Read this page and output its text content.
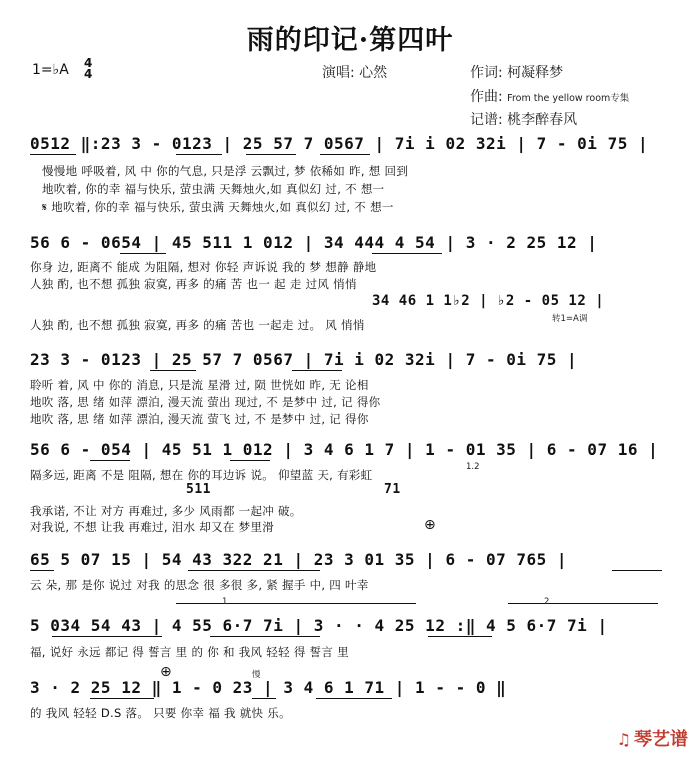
雨的印记·第四叶
1=♭A 4
4	演唱: 心然	作词: 柯凝释梦
作曲: From the yellow room专集
记谱: 桃李醉春风
0512 ‖:23 3 - 0123 | 25 57 7 0567 | 7i i 02 32i | 7 - 0i 75 |
慢慢地 呼吸着, 风 中 你的气息, 只是浮 云飘过, 梦 依稀如 昨, 想 回到
地吹着, 你的幸 福与快乐, 萤虫满 天舞烛火,如 真似幻 过, 不 想一
𝄋 地吹着, 你的幸 福与快乐, 萤虫满 天舞烛火,如 真似幻 过, 不 想一
56 6 - 0654 | 45 511 1 012 | 34 444 4 54 | 3 · 2 25 12 |
你身 边, 距离不 能成 为阻隔, 想对 你轻 声诉说 我的 梦 想静 静地
人独 酌, 也不想 孤独 寂寞, 再多 的痛 苦 也一 起 走 过风 悄悄
34 46 1 1♭2 | ♭2 - 05 12 |
转1=A调
人独 酌, 也不想 孤独 寂寞, 再多 的痛 苦也 一起走 过。 风 悄悄
23 3 - 0123 | 25 57 7 0567 | 7i i 02 32i | 7 - 0i 75 |
聆听 着, 风 中 你的 消息, 只是流 星滑 过, 陨 世恍如 昨, 无 论相
地吹 落, 思 绪 如萍 漂泊, 漫天流 萤出 现过, 不 是梦中 过, 记 得你
地吹 落, 思 绪 如萍 漂泊, 漫天流 萤飞 过, 不 是梦中 过, 记 得你
56 6 - 054 | 45 51 1 012 | 3 4 6 1 7 | 1 - 01 35 | 6 - 07 16 |
隔多远, 距离 不是 阻隔, 想在 你的耳边诉 说。 仰望蓝 天, 有彩虹
1.2
511	71
我承诺, 不让 对方 再难过, 多少 风雨都 一起冲 破。
对我说, 不想 让我 再难过, 泪水 却又在 梦里滑	⊕
65 5 07 15 | 54 43 322 21 | 23 3 01 35 | 6 - 07 765 |
云 朵, 那 是你 说过 对我 的思念 很 多很 多, 紧 握手 中, 四 叶幸
1	2
5 034 54 43 | 4 55 6·7 7i | 3 · · 4 25 12 :‖ 4 5 6·7 7i |
福, 说好 永远 都记 得 誓言 里 的 你 和 我风 轻轻 得 誓言 里
⊕	慢
3 · 2 25 12 ‖ 1 - 0 23 | 3 4 6 1 71 | 1 - - 0 ‖
的 我风 轻轻 D.S 落。 只要 你幸 福 我 就快 乐。
♫ 琴艺谱
